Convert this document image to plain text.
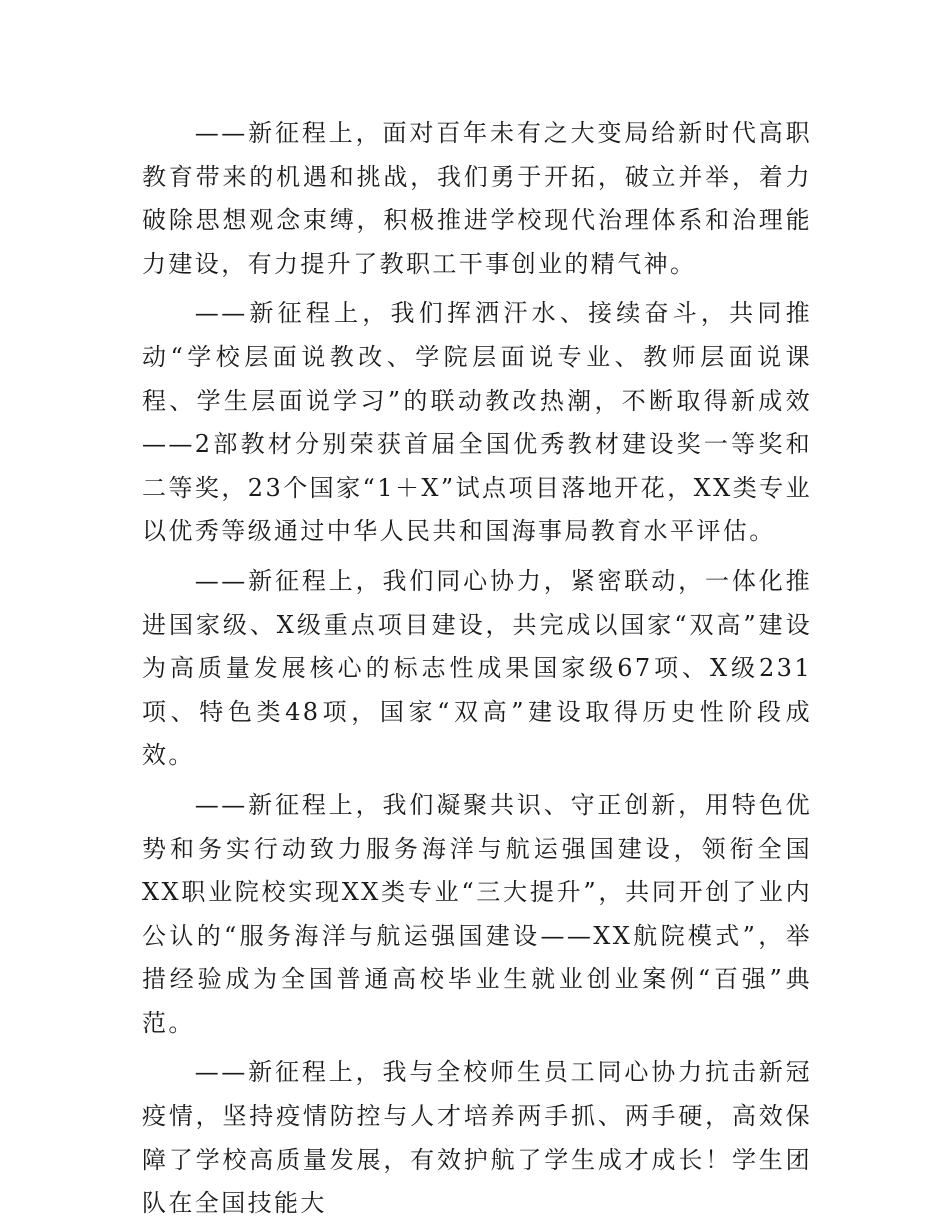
——新征程上，面对百年未有之大变局给新时代高职教育带来的机遇和挑战，我们勇于开拓，破立并举，着力破除思想观念束缚，积极推进学校现代治理体系和治理能力建设，有力提升了教职工干事创业的精气神。

——新征程上，我们挥洒汗水、接续奋斗，共同推动“学校层面说教改、学院层面说专业、教师层面说课程、学生层面说学习”的联动教改热潮，不断取得新成效——2部教材分别荣获首届全国优秀教材建设奖一等奖和二等奖，23个国家“1＋X”试点项目落地开花，XX类专业以优秀等级通过中华人民共和国海事局教育水平评估。

——新征程上，我们同心协力，紧密联动，一体化推进国家级、X级重点项目建设，共完成以国家“双高”建设为高质量发展核心的标志性成果国家级67项、X级231项、特色类48项，国家“双高”建设取得历史性阶段成效。

——新征程上，我们凝聚共识、守正创新，用特色优势和务实行动致力服务海洋与航运强国建设，领衔全国XX职业院校实现XX类专业“三大提升”，共同开创了业内公认的“服务海洋与航运强国建设——XX航院模式”，举措经验成为全国普通高校毕业生就业创业案例“百强”典范。

——新征程上，我与全校师生员工同心协力抗击新冠疫情，坚持疫情防控与人才培养两手抓、两手硬，高效保障了学校高质量发展，有效护航了学生成才成长！学生团队在全国技能大
